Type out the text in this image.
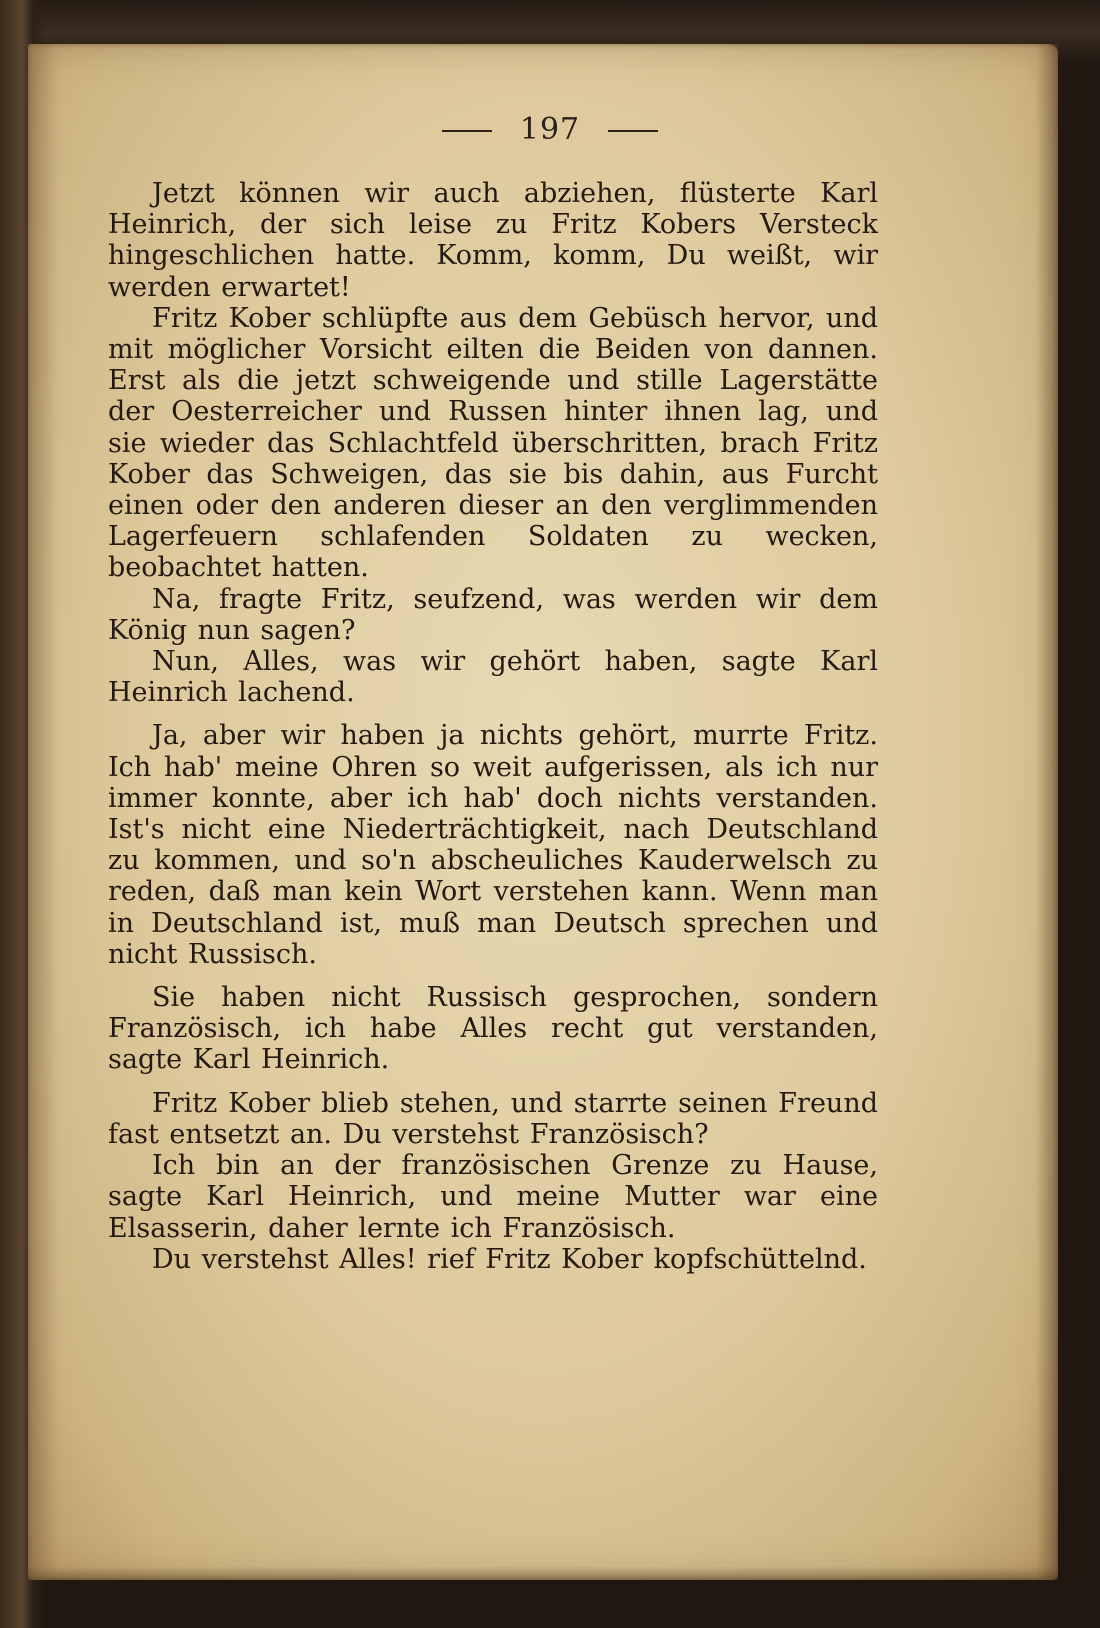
197

Jetzt können wir auch abziehen, flüsterte Karl Heinrich, der sich leise zu Fritz Kobers Versteck hingeschlichen hatte. Komm, komm, Du weißt, wir werden erwartet!

Fritz Kober schlüpfte aus dem Gebüsch hervor, und mit möglicher Vorsicht eilten die Beiden von dannen. Erst als die jetzt schweigende und stille Lagerstätte der Oesterreicher und Russen hinter ihnen lag, und sie wieder das Schlachtfeld überschritten, brach Fritz Kober das Schweigen, das sie bis dahin, aus Furcht einen oder den anderen dieser an den verglimmenden Lagerfeuern schlafenden Soldaten zu wecken, beobachtet hatten.

Na, fragte Fritz, seufzend, was werden wir dem König nun sagen?

Nun, Alles, was wir gehört haben, sagte Karl Heinrich lachend.

Ja, aber wir haben ja nichts gehört, murrte Fritz. Ich hab' meine Ohren so weit aufgerissen, als ich nur immer konnte, aber ich hab' doch nichts verstanden. Ist's nicht eine Niederträchtigkeit, nach Deutschland zu kommen, und so'n abscheuliches Kauderwelsch zu reden, daß man kein Wort verstehen kann. Wenn man in Deutschland ist, muß man Deutsch sprechen und nicht Russisch.

Sie haben nicht Russisch gesprochen, sondern Französisch, ich habe Alles recht gut verstanden, sagte Karl Heinrich.

Fritz Kober blieb stehen, und starrte seinen Freund fast entsetzt an. Du verstehst Französisch?

Ich bin an der französischen Grenze zu Hause, sagte Karl Heinrich, und meine Mutter war eine Elsasserin, daher lernte ich Französisch.

Du verstehst Alles! rief Fritz Kober kopfschüttelnd.
